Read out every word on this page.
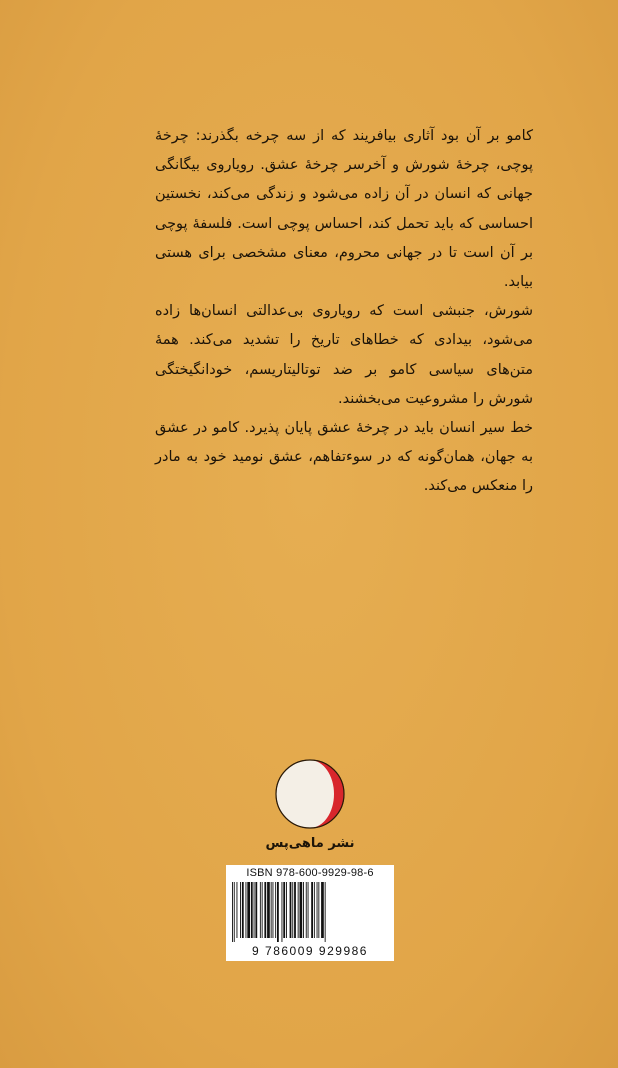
کامو بر آن بود آثاری بیافریند که از سه چرخه بگذرند: چرخهٔ پوچی، چرخهٔ شورش و آخرسر چرخهٔ عشق. رویاروی بیگانگی جهانی که انسان در آن زاده می‌شود و زندگی می‌کند، نخستین احساسی که باید تحمل کند، احساس پوچی است. فلسفهٔ پوچی بر آن است تا در جهانی محروم، معنای مشخصی برای هستی بیابد.

شورش، جنبشی است که رویاروی بی‌عدالتی انسان‌ها زاده می‌شود، بیدادی که خطاهای تاریخ را تشدید می‌کند. همهٔ متن‌های سیاسی کامو بر ضد توتالیتاریسم، خودانگیختگی شورش را مشروعیت می‌بخشند.

خط سیر انسان باید در چرخهٔ عشق پایان پذیرد. کامو در عشق به جهان، همان‌گونه که در سوءتفاهم، عشق نومید خود به مادر را منعکس می‌کند.

نشر ماهی‌پس
ISBN 978-600-9929-98-6
9 786009 929986
